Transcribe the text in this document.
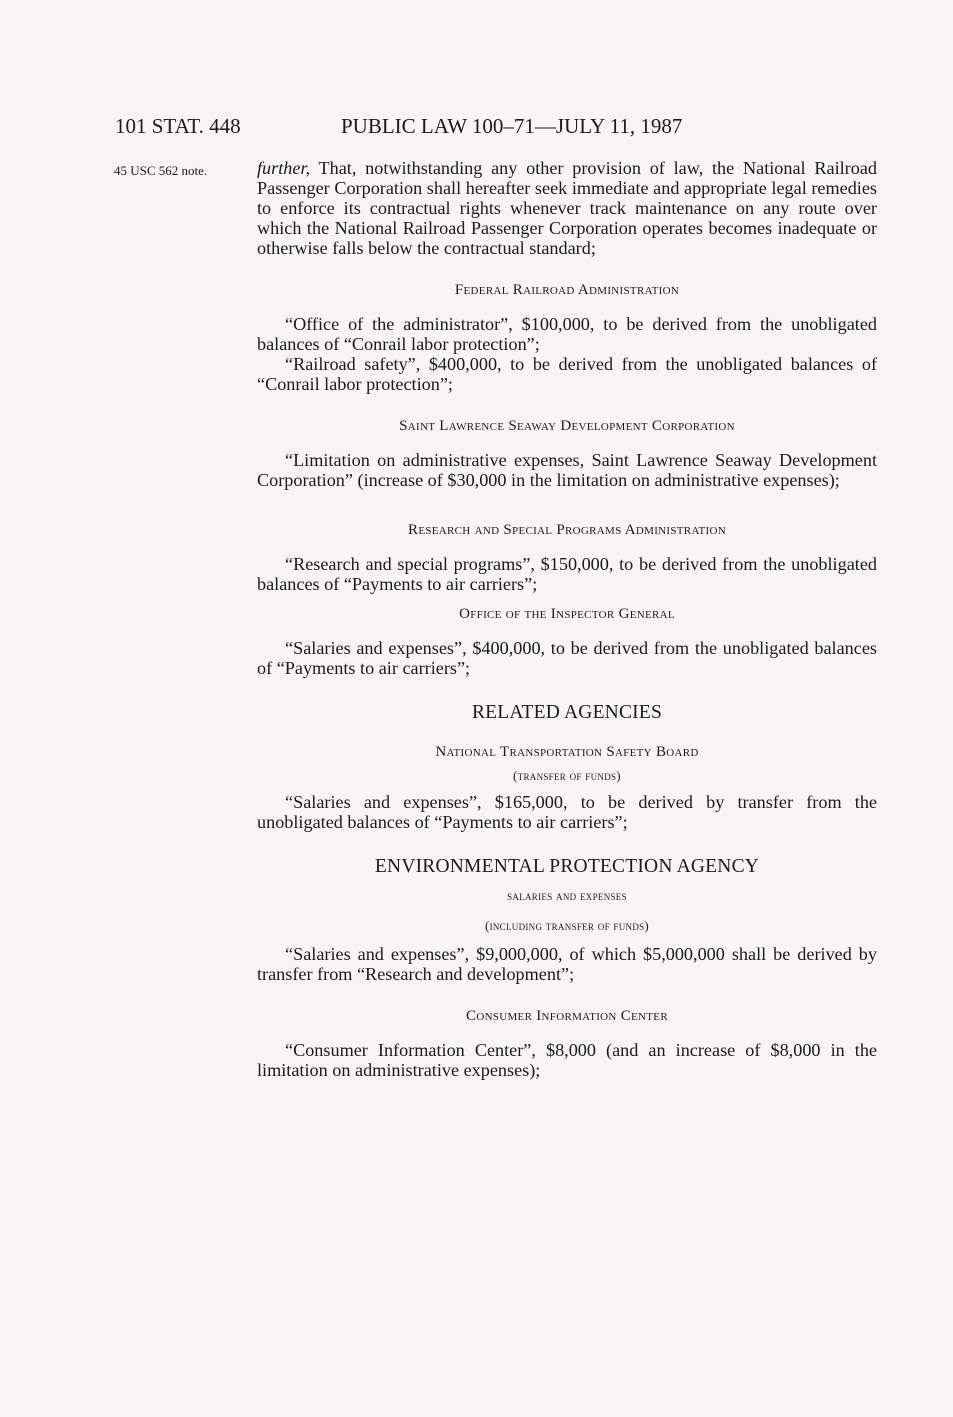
101 STAT. 448	PUBLIC LAW 100–71—JULY 11, 1987
45 USC 562 note.	further, That, notwithstanding any other provision of law, the National Railroad Passenger Corporation shall hereafter seek immediate and appropriate legal remedies to enforce its contractual rights whenever track maintenance on any route over which the National Railroad Passenger Corporation operates becomes inadequate or otherwise falls below the contractual standard;

Federal Railroad Administration

“Office of the administrator”, $100,000, to be derived from the unobligated balances of “Conrail labor protection”;

“Railroad safety”, $400,000, to be derived from the unobligated balances of “Conrail labor protection”;

Saint Lawrence Seaway Development Corporation

“Limitation on administrative expenses, Saint Lawrence Seaway Development Corporation” (increase of $30,000 in the limitation on administrative expenses);

Research and Special Programs Administration

“Research and special programs”, $150,000, to be derived from the unobligated balances of “Payments to air carriers”;

Office of the Inspector General

“Salaries and expenses”, $400,000, to be derived from the unobligated balances of “Payments to air carriers”;

RELATED AGENCIES

National Transportation Safety Board

(transfer of funds)

“Salaries and expenses”, $165,000, to be derived by transfer from the unobligated balances of “Payments to air carriers”;

ENVIRONMENTAL PROTECTION AGENCY

salaries and expenses

(including transfer of funds)

“Salaries and expenses”, $9,000,000, of which $5,000,000 shall be derived by transfer from “Research and development”;

Consumer Information Center

“Consumer Information Center”, $8,000 (and an increase of $8,000 in the limitation on administrative expenses);
